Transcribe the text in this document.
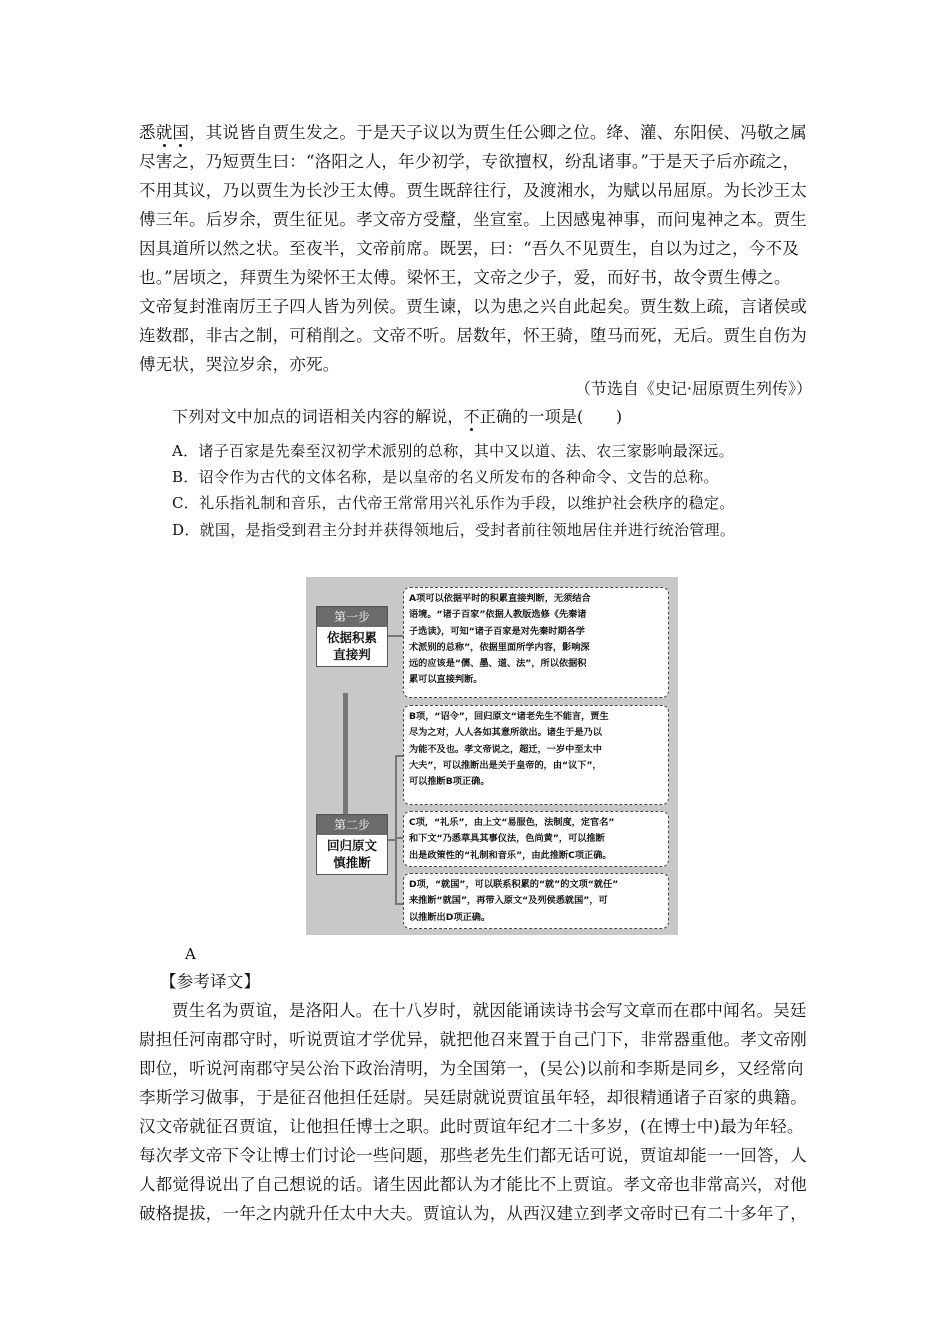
悉就国，其说皆自贾生发之。于是天子议以为贾生任公卿之位。绛、灌、东阳侯、冯敬之属
尽害之，乃短贾生曰：“洛阳之人，年少初学，专欲擅权，纷乱诸事。”于是天子后亦疏之，
不用其议，乃以贾生为长沙王太傅。贾生既辞往行，及渡湘水，为赋以吊屈原。为长沙王太
傅三年。后岁余，贾生征见。孝文帝方受釐，坐宣室。上因感鬼神事，而问鬼神之本。贾生
因具道所以然之状。至夜半，文帝前席。既罢，曰：“吾久不见贾生，自以为过之，今不及
也。”居顷之，拜贾生为梁怀王太傅。梁怀王，文帝之少子，爱，而好书，故令贾生傅之。
文帝复封淮南厉王子四人皆为列侯。贾生谏，以为患之兴自此起矣。贾生数上疏，言诸侯或
连数郡，非古之制，可稍削之。文帝不听。居数年，怀王骑，堕马而死，无后。贾生自伤为
傅无状，哭泣岁余，亦死。
（节选自《史记·屈原贾生列传》）
下列对文中加点的词语相关内容的解说，不正确的一项是(　　)
A．诸子百家是先秦至汉初学术派别的总称，其中又以道、法、农三家影响最深远。
B．诏令作为古代的文体名称，是以皇帝的名义所发布的各种命令、文告的总称。
C．礼乐指礼制和音乐，古代帝王常常用兴礼乐作为手段，以维护社会秩序的稳定。
D．就国，是指受到君主分封并获得领地后，受封者前往领地居住并进行统治管理。
第一步
依据积累
直接判
第二步
回归原文
慎推断
A项可以依据平时的积累直接判断，无须结合
语境。“诸子百家”依据人教版选修《先秦诸
子选读》，可知“诸子百家是对先秦时期各学
术派别的总称”，依据里面所学内容，影响深
远的应该是“儒、墨、道、法”，所以依据积
累可以直接判断。
B项，“诏令”，回归原文“诸老先生不能言，贾生
尽为之对，人人各如其意所欲出。诸生于是乃以
为能不及也。孝文帝说之，超迁，一岁中至太中
大夫”，可以推断出是关于皇帝的，由“议下”，
可以推断B项正确。
C项，“礼乐”，由上文“易服色，法制度，定官名”
和下文“乃悉草具其事仪法，色尚黄”，可以推断
出是政策性的“礼制和音乐”，由此推断C项正确。
D项，“就国”，可以联系积累的“就”的文项“就任”
来推断“就国”，再带入原文“及列侯悉就国”，可
以推断出D项正确。
A
【参考译文】
贾生名为贾谊，是洛阳人。在十八岁时，就因能诵读诗书会写文章而在郡中闻名。吴廷
尉担任河南郡守时，听说贾谊才学优异，就把他召来置于自己门下，非常器重他。孝文帝刚
即位，听说河南郡守吴公治下政治清明，为全国第一，(吴公)以前和李斯是同乡，又经常向
李斯学习做事，于是征召他担任廷尉。吴廷尉就说贾谊虽年轻，却很精通诸子百家的典籍。
汉文帝就征召贾谊，让他担任博士之职。此时贾谊年纪才二十多岁，(在博士中)最为年轻。
每次孝文帝下令让博士们讨论一些问题，那些老先生们都无话可说，贾谊却能一一回答，人
人都觉得说出了自己想说的话。诸生因此都认为才能比不上贾谊。孝文帝也非常高兴，对他
破格提拔，一年之内就升任太中大夫。贾谊认为，从西汉建立到孝文帝时已有二十多年了，
